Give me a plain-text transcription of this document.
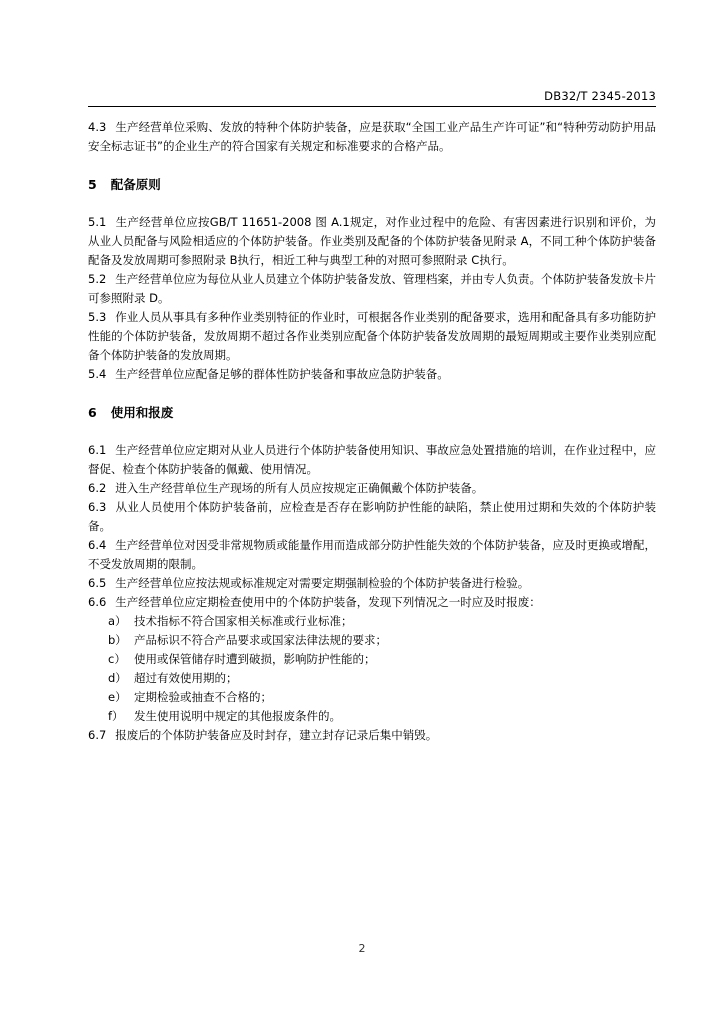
DB32/T 2345-2013

4.3 生产经营单位采购、发放的特种个体防护装备，应是获取“全国工业产品生产许可证”和“特种劳动防护用品安全标志证书”的企业生产的符合国家有关规定和标准要求的合格产品。

5 配备原则

5.1 生产经营单位应按GB/T 11651-2008 图 A.1规定，对作业过程中的危险、有害因素进行识别和评价，为从业人员配备与风险相适应的个体防护装备。作业类别及配备的个体防护装备见附录 A，不同工种个体防护装备配备及发放周期可参照附录 B执行，相近工种与典型工种的对照可参照附录 C执行。

5.2 生产经营单位应为每位从业人员建立个体防护装备发放、管理档案，并由专人负责。个体防护装备发放卡片可参照附录 D。

5.3 作业人员从事具有多种作业类别特征的作业时，可根据各作业类别的配备要求，选用和配备具有多功能防护性能的个体防护装备，发放周期不超过各作业类别应配备个体防护装备发放周期的最短周期或主要作业类别应配备个体防护装备的发放周期。

5.4 生产经营单位应配备足够的群体性防护装备和事故应急防护装备。

6 使用和报废

6.1 生产经营单位应定期对从业人员进行个体防护装备使用知识、事故应急处置措施的培训，在作业过程中，应督促、检查个体防护装备的佩戴、使用情况。

6.2 进入生产经营单位生产现场的所有人员应按规定正确佩戴个体防护装备。

6.3 从业人员使用个体防护装备前，应检查是否存在影响防护性能的缺陷，禁止使用过期和失效的个体防护装备。

6.4 生产经营单位对因受非常规物质或能量作用而造成部分防护性能失效的个体防护装备，应及时更换或增配，不受发放周期的限制。

6.5 生产经营单位应按法规或标准规定对需要定期强制检验的个体防护装备进行检验。

6.6 生产经营单位应定期检查使用中的个体防护装备，发现下列情况之一时应及时报废：

a） 技术指标不符合国家相关标准或行业标准；

b） 产品标识不符合产品要求或国家法律法规的要求；

c） 使用或保管储存时遭到破损，影响防护性能的；

d） 超过有效使用期的；

e） 定期检验或抽查不合格的；

f） 发生使用说明中规定的其他报废条件的。

6.7 报废后的个体防护装备应及时封存，建立封存记录后集中销毁。

2
